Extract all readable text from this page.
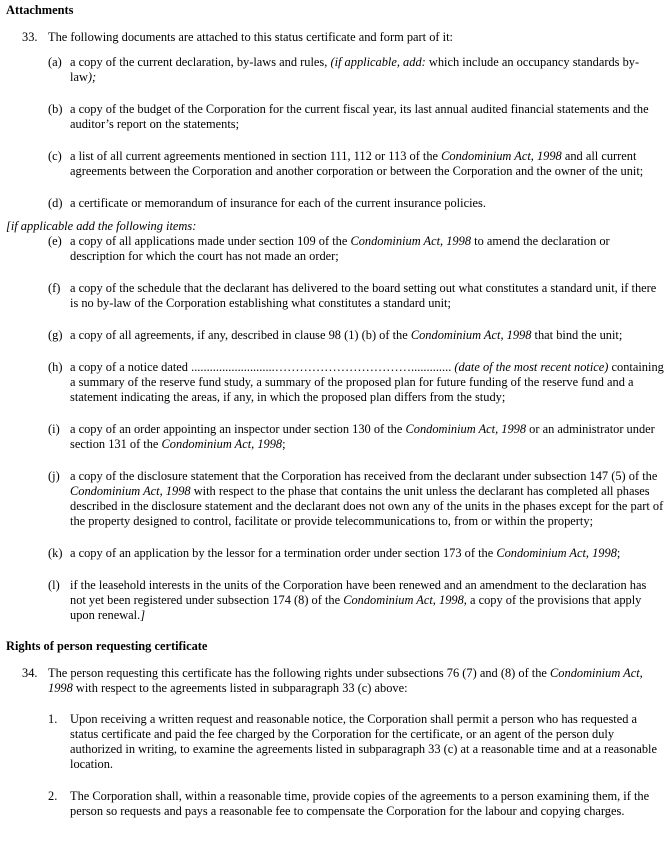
Attachments
33. The following documents are attached to this status certificate and form part of it:
(a) a copy of the current declaration, by-laws and rules, (if applicable, add: which include an occupancy standards by-law);
(b) a copy of the budget of the Corporation for the current fiscal year, its last annual audited financial statements and the auditor’s report on the statements;
(c) a list of all current agreements mentioned in section 111, 112 or 113 of the Condominium Act, 1998 and all current agreements between the Corporation and another corporation or between the Corporation and the owner of the unit;
(d) a certificate or memorandum of insurance for each of the current insurance policies.
[if applicable add the following items:
(e) a copy of all applications made under section 109 of the Condominium Act, 1998 to amend the declaration or description for which the court has not made an order;
(f) a copy of the schedule that the declarant has delivered to the board setting out what constitutes a standard unit, if there is no by-law of the Corporation establishing what constitutes a standard unit;
(g) a copy of all agreements, if any, described in clause 98 (1) (b) of the Condominium Act, 1998 that bind the unit;
(h) a copy of a notice dated ...........................……………………………............. (date of the most recent notice) containing a summary of the reserve fund study, a summary of the proposed plan for future funding of the reserve fund and a statement indicating the areas, if any, in which the proposed plan differs from the study;
(i) a copy of an order appointing an inspector under section 130 of the Condominium Act, 1998 or an administrator under section 131 of the Condominium Act, 1998;
(j) a copy of the disclosure statement that the Corporation has received from the declarant under subsection 147 (5) of the Condominium Act, 1998 with respect to the phase that contains the unit unless the declarant has completed all phases described in the disclosure statement and the declarant does not own any of the units in the phases except for the part of the property designed to control, facilitate or provide telecommunications to, from or within the property;
(k) a copy of an application by the lessor for a termination order under section 173 of the Condominium Act, 1998;
(l) if the leasehold interests in the units of the Corporation have been renewed and an amendment to the declaration has not yet been registered under subsection 174 (8) of the Condominium Act, 1998, a copy of the provisions that apply upon renewal.]
Rights of person requesting certificate
34. The person requesting this certificate has the following rights under subsections 76 (7) and (8) of the Condominium Act, 1998 with respect to the agreements listed in subparagraph 33 (c) above:
1.	Upon receiving a written request and reasonable notice, the Corporation shall permit a person who has requested a status certificate and paid the fee charged by the Corporation for the certificate, or an agent of the person duly authorized in writing, to examine the agreements listed in subparagraph 33 (c) at a reasonable time and at a reasonable location.
2.	The Corporation shall, within a reasonable time, provide copies of the agreements to a person examining them, if the person so requests and pays a reasonable fee to compensate the Corporation for the labour and copying charges.
